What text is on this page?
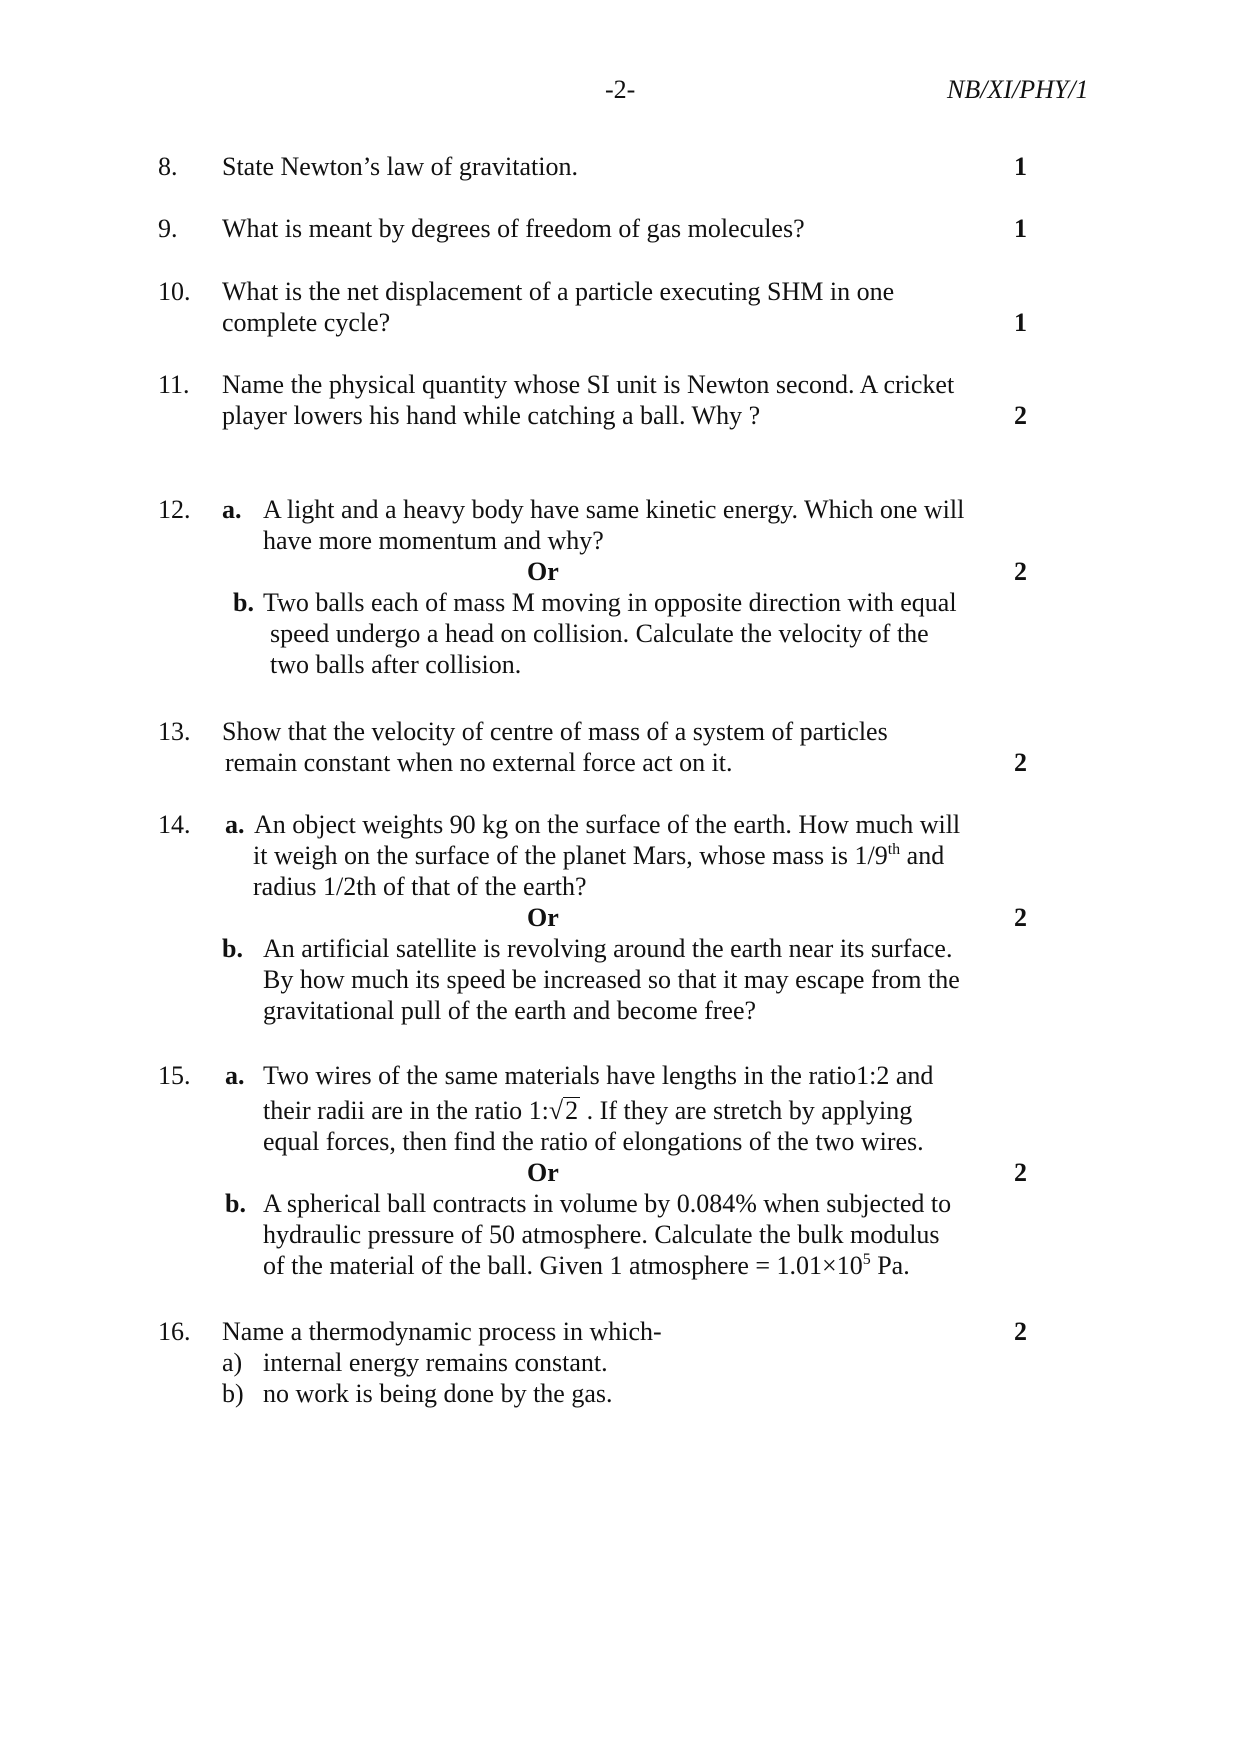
-2-	NB/XI/PHY/1
8. State Newton’s law of gravitation.	1
9. What is meant by degrees of freedom of gas molecules?	1
10. What is the net displacement of a particle executing SHM in one
complete cycle?	1
11. Name the physical quantity whose SI unit is Newton second. A cricket
player lowers his hand while catching a ball. Why ?	2
12. a. A light and a heavy body have same kinetic energy. Which one will
have more momentum and why?
Or	2
b. Two balls each of mass M moving in opposite direction with equal
speed undergo a head on collision. Calculate the velocity of the
two balls after collision.
13. Show that the velocity of centre of mass of a system of particles
remain constant when no external force act on it.	2
14. a. An object weights 90 kg on the surface of the earth. How much will
it weigh on the surface of the planet Mars, whose mass is 1/9th and
radius 1/2th of that of the earth?
Or	2
b. An artificial satellite is revolving around the earth near its surface.
By how much its speed be increased so that it may escape from the
gravitational pull of the earth and become free?
15. a. Two wires of the same materials have lengths in the ratio1:2 and
their radii are in the ratio 1:√2 . If they are stretch by applying
equal forces, then find the ratio of elongations of the two wires.
Or	2
b. A spherical ball contracts in volume by 0.084% when subjected to
hydraulic pressure of 50 atmosphere. Calculate the bulk modulus
of the material of the ball. Given 1 atmosphere = $1.01\times 10^5$ Pa.
16. Name a thermodynamic process in which-	2
a) internal energy remains constant.
b) no work is being done by the gas.
